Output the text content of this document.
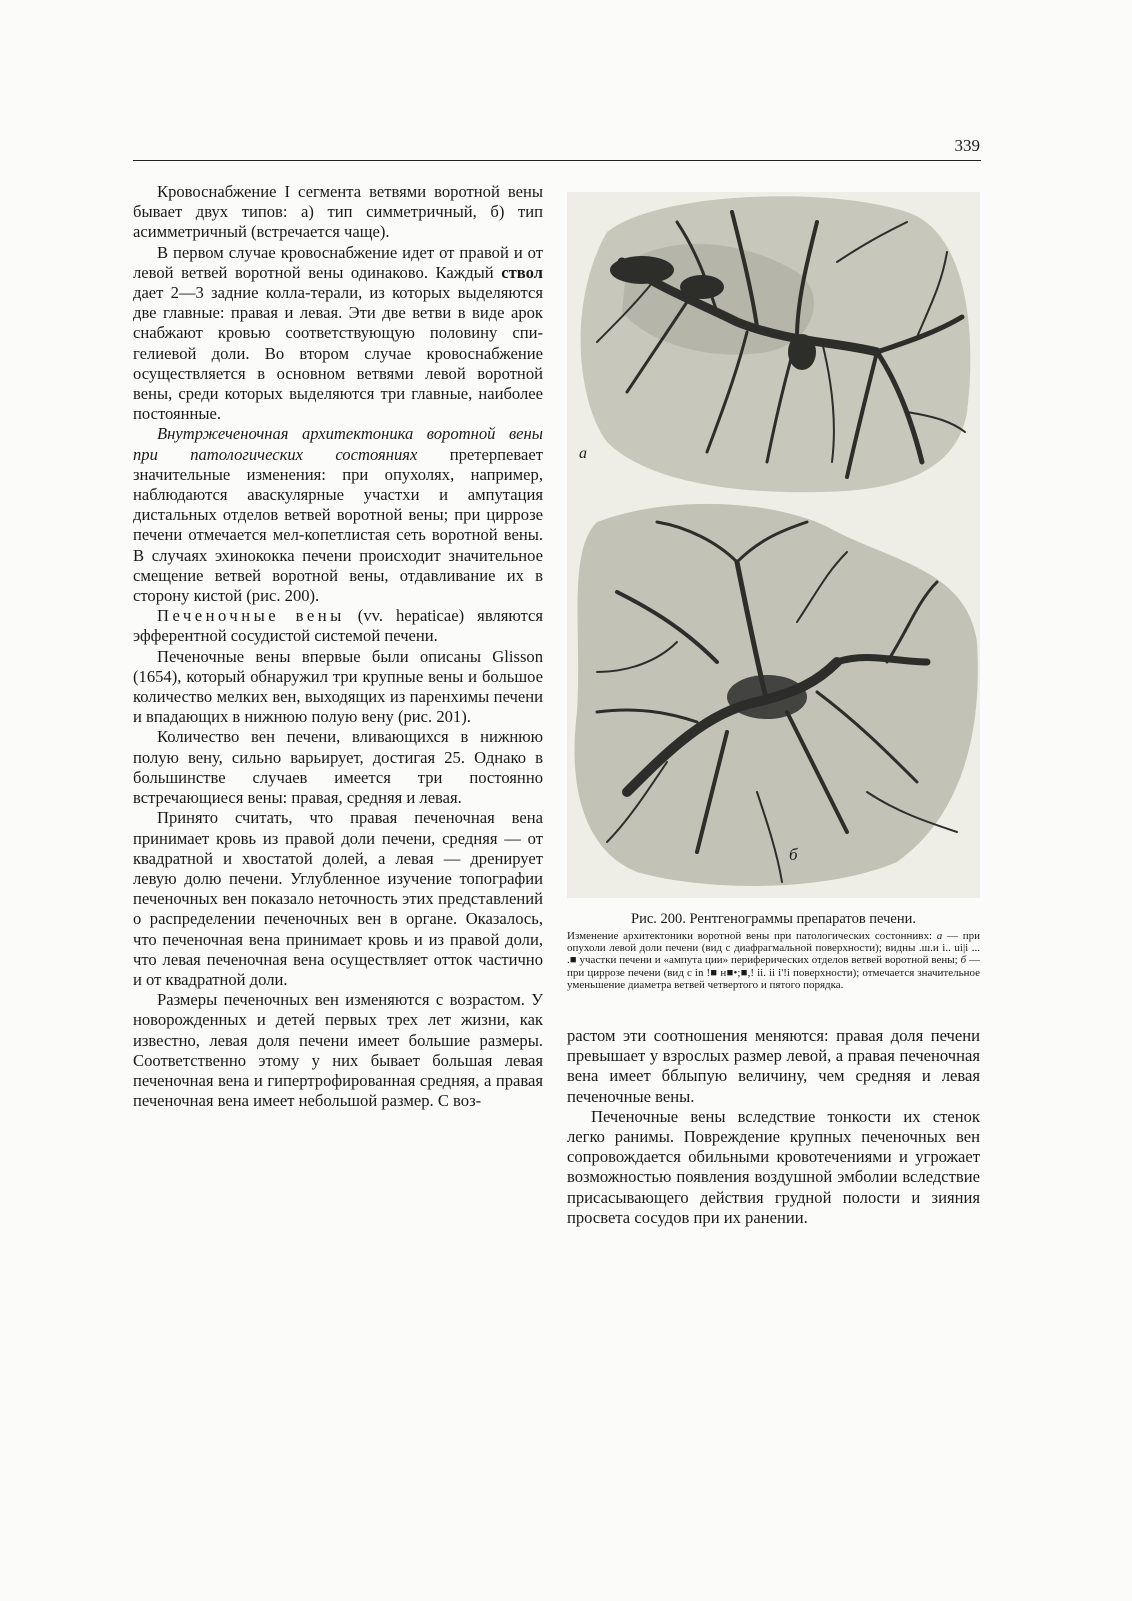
339

Кровоснабжение I сегмента ветвями воротной вены бывает двух типов: а) тип симметричный, б) тип асимметричный (встречается чаще).

В первом случае кровоснабжение идет от правой и от левой ветвей воротной вены одинаково. Каждый ствол дает 2—3 задние колла-терали, из которых выделяются две главные: правая и левая. Эти две ветви в виде арок снабжают кровью соответствующую половину спи-гелиевой доли. Во втором случае кровоснабжение осуществляется в основном ветвями левой воротной вены, среди которых выделяются три главные, наиболее постоянные.

Внутржеченочная архитектоника воротной вены при патологических состояниях претерпевает значительные изменения: при опухолях, например, наблюдаются аваскулярные участхи и ампутация дистальных отделов ветвей воротной вены; при циррозе печени отмечается мел-копетлистая сеть воротной вены. В случаях эхинококка печени происходит значительное смещение ветвей воротной вены, отдавливание их в сторону кистой (рис. 200).

Печеночные вены (vv. hepaticae) являются эфферентной сосудистой системой печени.

Печеночные вены впервые были описаны Glisson (1654), который обнаружил три крупные вены и большое количество мелких вен, выходящих из паренхимы печени и впадающих в нижнюю полую вену (рис. 201).

Количество вен печени, вливающихся в нижнюю полую вену, сильно варьирует, достигая 25. Однако в большинстве случаев имеется три постоянно встречающиеся вены: правая, средняя и левая.

Принято считать, что правая печеночная вена принимает кровь из правой доли печени, средняя — от квадратной и хвостатой долей, а левая — дренирует левую долю печени. Углубленное изучение топографии печеночных вен показало неточность этих представлений о распределении печеночных вен в органе. Оказалось, что печеночная вена принимает кровь и из правой доли, что левая печеночная вена осуществляет отток частично и от квадратной доли.

Размеры печеночных вен изменяются с возрастом. У новорожденных и детей первых трех лет жизни, как известно, левая доля печени имеет большие размеры. Соответственно этому у них бывает большая левая печеночная вена и гипертрофированная средняя, а правая печеночная вена имеет небольшой размер. С воз-

а
б
Рис. 200. Рентгенограммы препаратов печени.
Изменение архитектоники воротной вены при патологических состоннивх: а — при опухоли левой доли печени (вид с диафрагмальной поверхности); видны .ш.и i.. ui|i ... .■ участки печени и «ампута ции» периферических отделов ветвей воротной вены; б — при циррозе печени (вид с in !■ н■•;■,! ii. ii i'!i поверхности); отмечается значительное уменьшение диаметра ветвей четвертого и пятого порядка.

растом эти соотношения меняются: правая доля печени превышает у взрослых размер левой, а правая печеночная вена имеет бблыпую величину, чем средняя и левая печеночные вены.

Печеночные вены вследствие тонкости их стенок легко ранимы. Повреждение крупных печеночных вен сопровождается обильными кровотечениями и угрожает возможностью появления воздушной эмболии вследствие присасывающего действия грудной полости и зияния просвета сосудов при их ранении.
